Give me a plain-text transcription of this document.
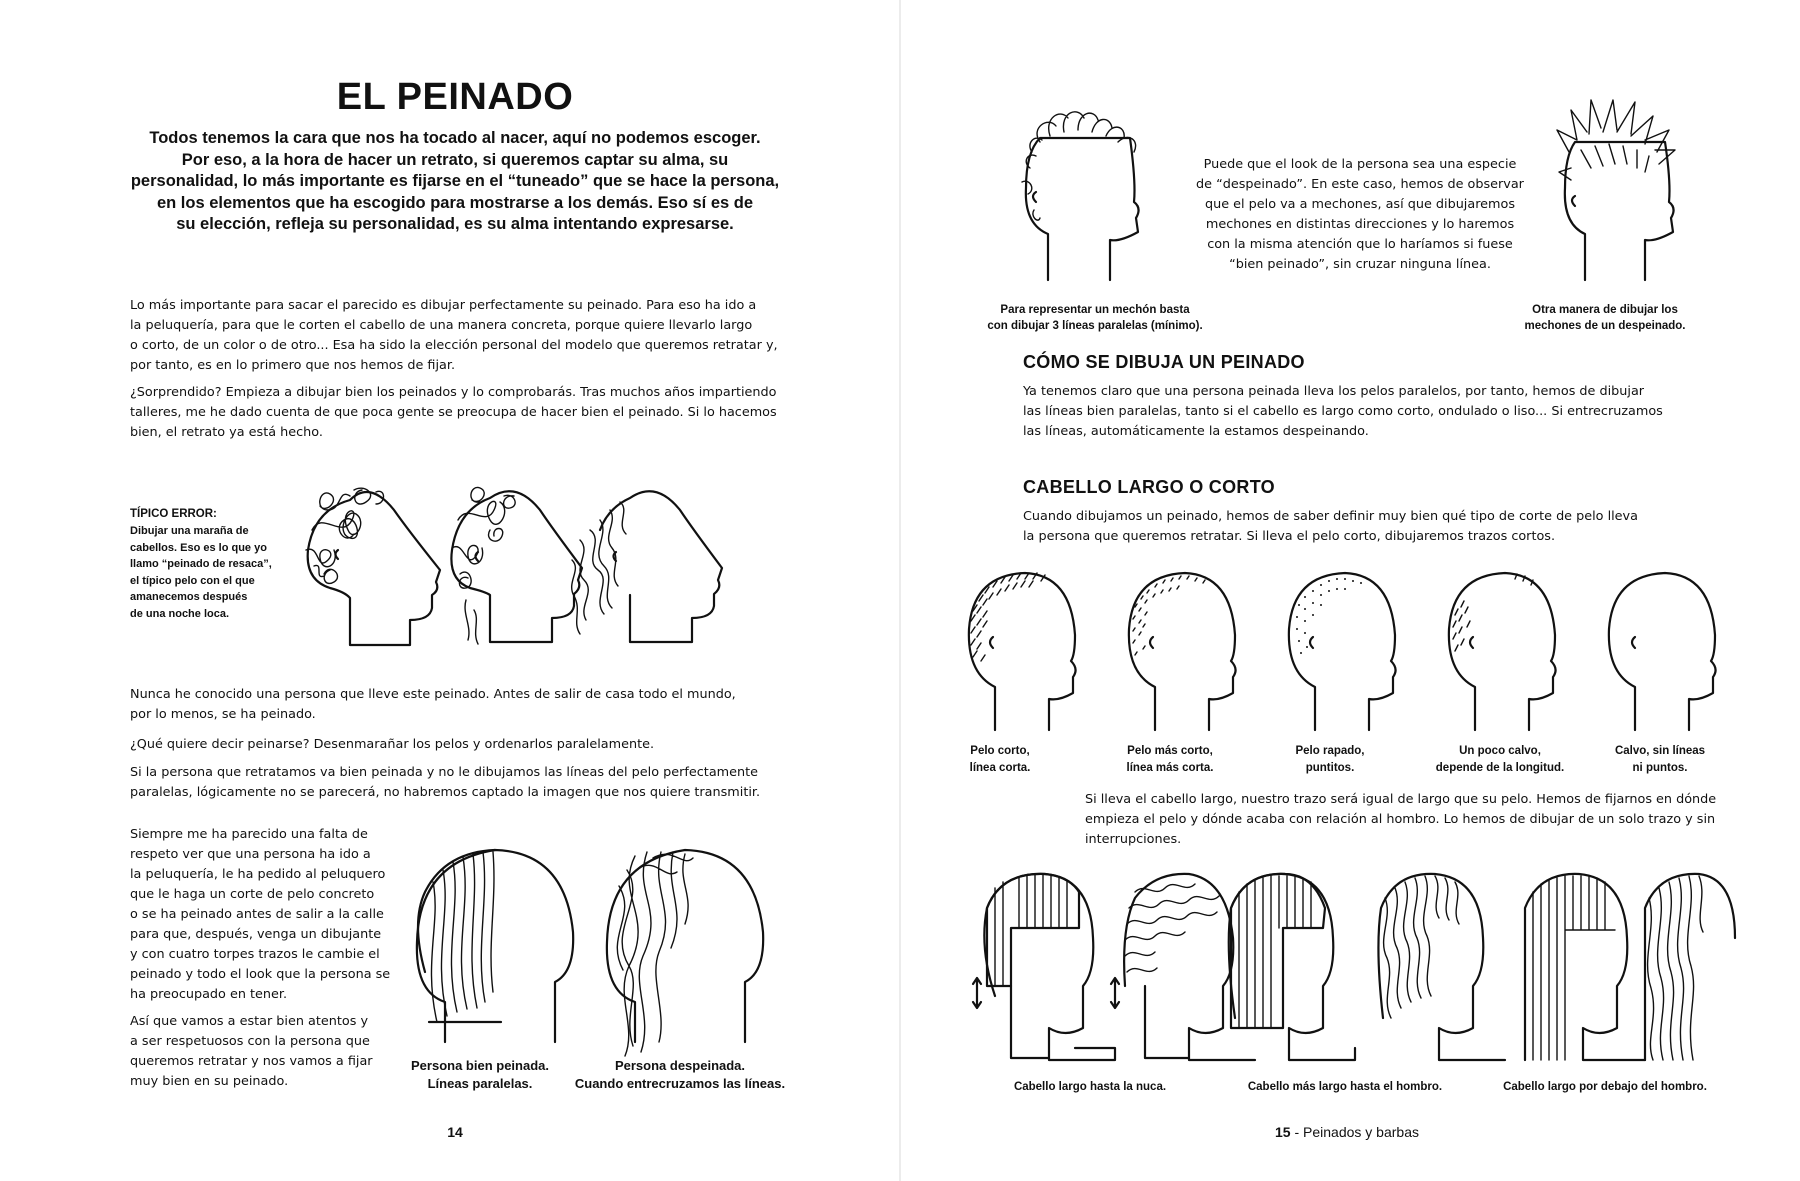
EL PEINADO
Todos tenemos la cara que nos ha tocado al nacer, aquí no podemos escoger.
Por eso, a la hora de hacer un retrato, si queremos captar su alma, su
personalidad, lo más importante es fijarse en el “tuneado” que se hace la persona,
en los elementos que ha escogido para mostrarse a los demás. Eso sí es de
su elección, refleja su personalidad, es su alma intentando expresarse.
Lo más importante para sacar el parecido es dibujar perfectamente su peinado. Para eso ha ido a
la peluquería, para que le corten el cabello de una manera concreta, porque quiere llevarlo largo
o corto, de un color o de otro... Esa ha sido la elección personal del modelo que queremos retratar y,
por tanto, es en lo primero que nos hemos de fijar.
¿Sorprendido? Empieza a dibujar bien los peinados y lo comprobarás. Tras muchos años impartiendo
talleres, me he dado cuenta de que poca gente se preocupa de hacer bien el peinado. Si lo hacemos
bien, el retrato ya está hecho.
TÍPICO ERROR:
Dibujar una maraña de
cabellos. Eso es lo que yo
llamo “peinado de resaca”,
el típico pelo con el que
amanecemos después
de una noche loca.
Nunca he conocido una persona que lleve este peinado. Antes de salir de casa todo el mundo,
por lo menos, se ha peinado.
¿Qué quiere decir peinarse? Desenmarañar los pelos y ordenarlos paralelamente.
Si la persona que retratamos va bien peinada y no le dibujamos las líneas del pelo perfectamente
paralelas, lógicamente no se parecerá, no habremos captado la imagen que nos quiere transmitir.
Siempre me ha parecido una falta de
respeto ver que una persona ha ido a
la peluquería, le ha pedido al peluquero
que le haga un corte de pelo concreto
o se ha peinado antes de salir a la calle
para que, después, venga un dibujante
y con cuatro torpes trazos le cambie el
peinado y todo el look que la persona se
ha preocupado en tener.
Así que vamos a estar bien atentos y
a ser respetuosos con la persona que
queremos retratar y nos vamos a fijar
muy bien en su peinado.
Persona bien peinada.
Líneas paralelas.
Persona despeinada.
Cuando entrecruzamos las líneas.
14
Puede que el look de la persona sea una especie
de “despeinado”. En este caso, hemos de observar
que el pelo va a mechones, así que dibujaremos
mechones en distintas direcciones y lo haremos
con la misma atención que lo haríamos si fuese
“bien peinado”, sin cruzar ninguna línea.
Para representar un mechón basta
con dibujar 3 líneas paralelas (mínimo).
Otra manera de dibujar los
mechones de un despeinado.
CÓMO SE DIBUJA UN PEINADO
Ya tenemos claro que una persona peinada lleva los pelos paralelos, por tanto, hemos de dibujar
las líneas bien paralelas, tanto si el cabello es largo como corto, ondulado o liso... Si entrecruzamos
las líneas, automáticamente la estamos despeinando.
CABELLO LARGO O CORTO
Cuando dibujamos un peinado, hemos de saber definir muy bien qué tipo de corte de pelo lleva
la persona que queremos retratar. Si lleva el pelo corto, dibujaremos trazos cortos.
Pelo corto,
línea corta.
Pelo más corto,
línea más corta.
Pelo rapado,
puntitos.
Un poco calvo,
depende de la longitud.
Calvo, sin líneas
ni puntos.
Si lleva el cabello largo, nuestro trazo será igual de largo que su pelo. Hemos de fijarnos en dónde
empieza el pelo y dónde acaba con relación al hombro. Lo hemos de dibujar de un solo trazo y sin
interrupciones.
Cabello largo hasta la nuca.	Cabello más largo hasta el hombro.	Cabello largo por debajo del hombro.
15 - Peinados y barbas
